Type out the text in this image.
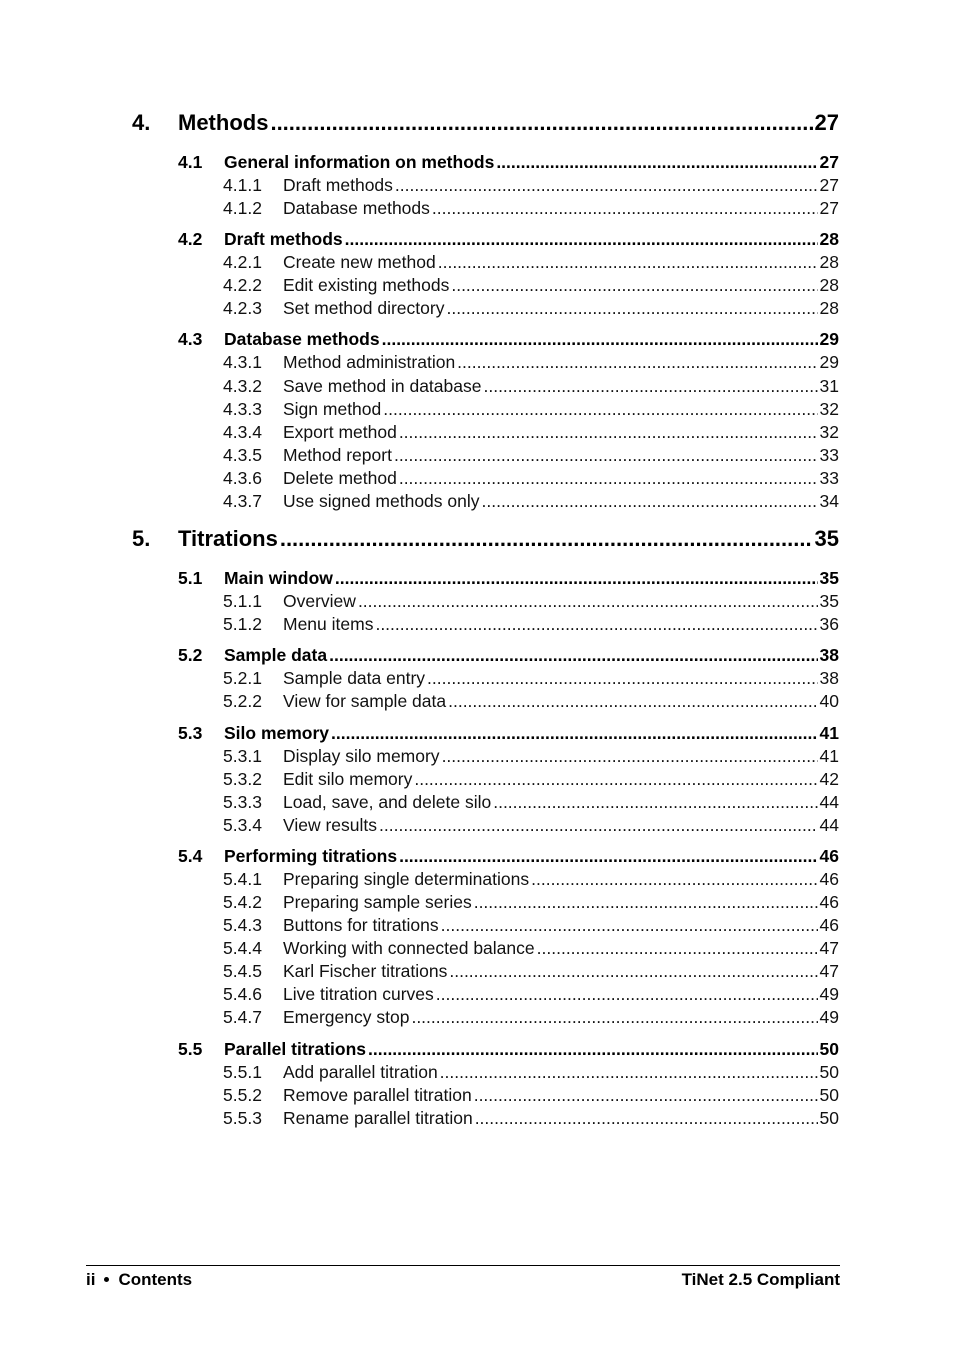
4.	Methods .....	27
4.1	General information on methods .....	27
4.1.1	Draft methods .....	27
4.1.2	Database methods .....	27
4.2	Draft methods .....	28
4.2.1	Create new method .....	28
4.2.2	Edit existing methods .....	28
4.2.3	Set method directory .....	28
4.3	Database methods .....	29
4.3.1	Method administration .....	29
4.3.2	Save method in database .....	31
4.3.3	Sign method .....	32
4.3.4	Export method .....	32
4.3.5	Method report .....	33
4.3.6	Delete method .....	33
4.3.7	Use signed methods only .....	34
5.	Titrations .....	35
5.1	Main window .....	35
5.1.1	Overview .....	35
5.1.2	Menu items .....	36
5.2	Sample data .....	38
5.2.1	Sample data entry .....	38
5.2.2	View for sample data .....	40
5.3	Silo memory .....	41
5.3.1	Display silo memory .....	41
5.3.2	Edit silo memory .....	42
5.3.3	Load, save, and delete silo .....	44
5.3.4	View results .....	44
5.4	Performing titrations .....	46
5.4.1	Preparing single determinations .....	46
5.4.2	Preparing sample series .....	46
5.4.3	Buttons for titrations .....	46
5.4.4	Working with connected balance .....	47
5.4.5	Karl Fischer titrations .....	47
5.4.6	Live titration curves .....	49
5.4.7	Emergency stop .....	49
5.5	Parallel titrations .....	50
5.5.1	Add parallel titration .....	50
5.5.2	Remove parallel titration .....	50
5.5.3	Rename parallel titration .....	50
ii Contents	TiNet 2.5 Compliant
